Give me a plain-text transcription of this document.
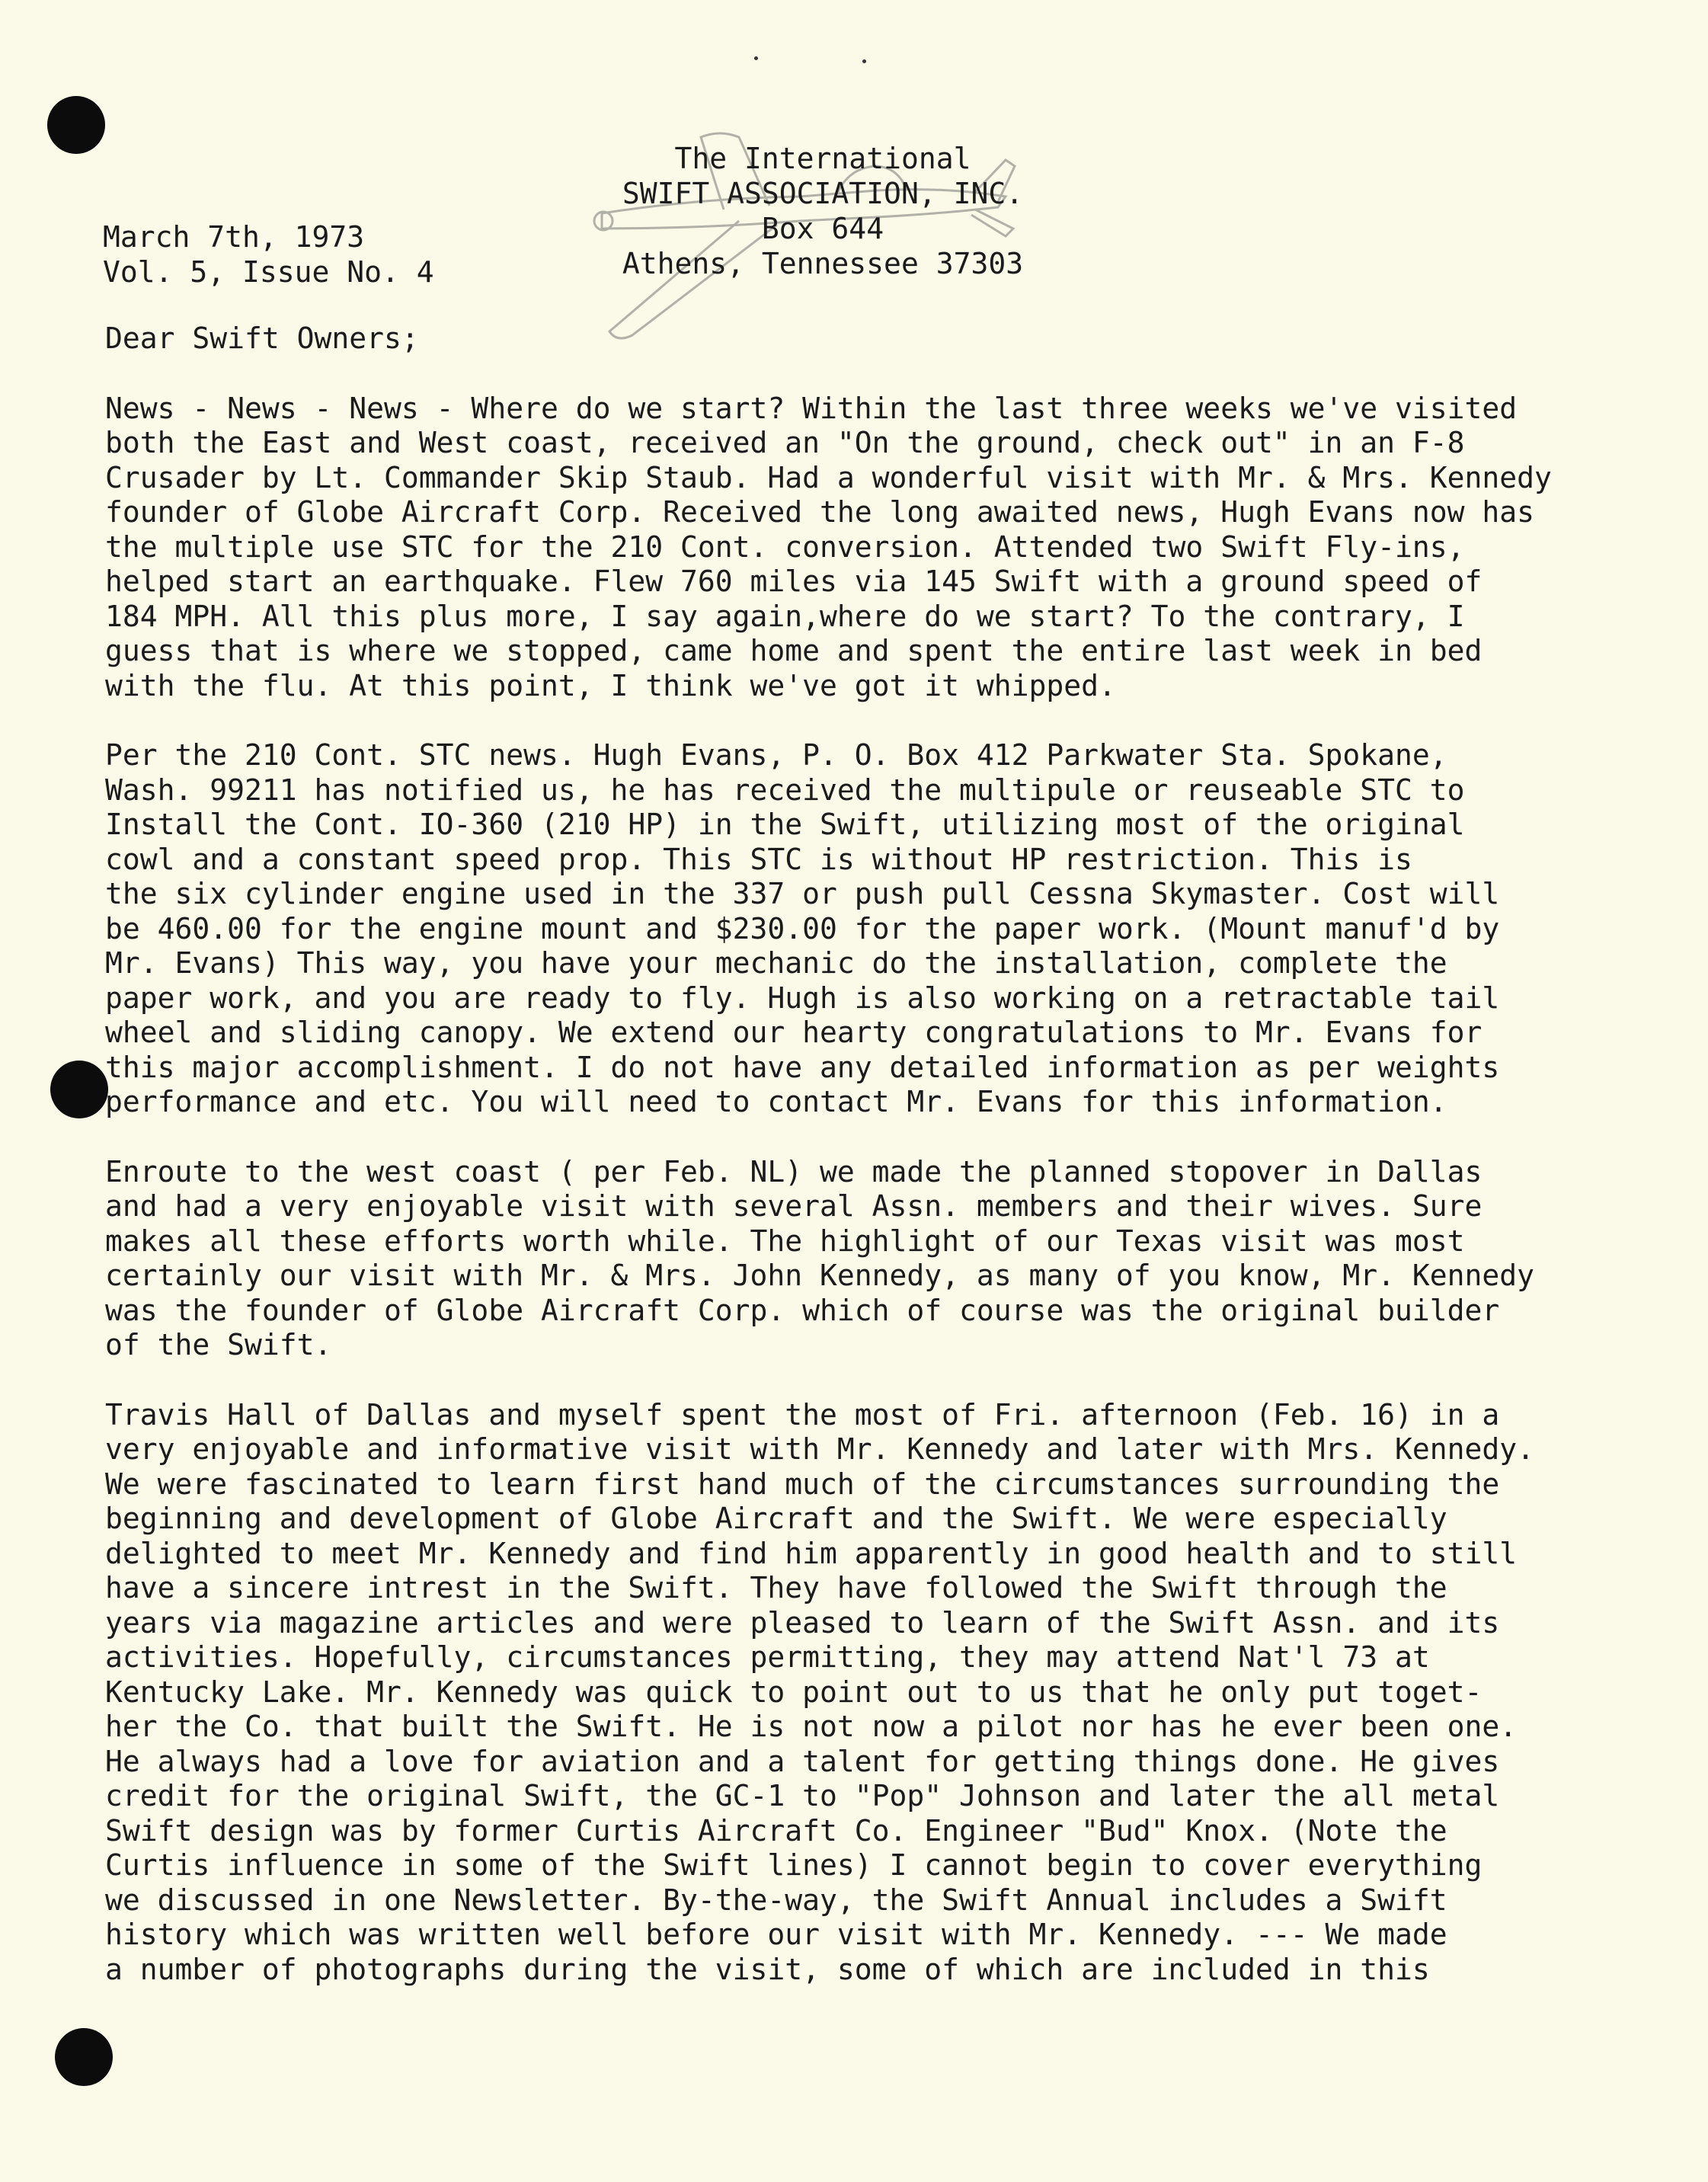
The International
SWIFT ASSOCIATION, INC.
Box 644
Athens, Tennessee 37303
March 7th, 1973
Vol. 5, Issue No. 4

Dear Swift Owners;

News - News - News - Where do we start? Within the last three weeks we've visited
both the East and West coast, received an "On the ground, check out" in an F-8
Crusader by Lt. Commander Skip Staub. Had a wonderful visit with Mr. & Mrs. Kennedy
founder of Globe Aircraft Corp. Received the long awaited news, Hugh Evans now has
the multiple use STC for the 210 Cont. conversion. Attended two Swift Fly-ins,
helped start an earthquake. Flew 760 miles via 145 Swift with a ground speed of
184 MPH. All this plus more, I say again,where do we start? To the contrary, I
guess that is where we stopped, came home and spent the entire last week in bed
with the flu. At this point, I think we've got it whipped.

Per the 210 Cont. STC news. Hugh Evans, P. O. Box 412 Parkwater Sta. Spokane,
Wash. 99211 has notified us, he has received the multipule or reuseable STC to
Install the Cont. IO-360 (210 HP) in the Swift, utilizing most of the original
cowl and a constant speed prop. This STC is without HP restriction. This is
the six cylinder engine used in the 337 or push pull Cessna Skymaster. Cost will
be 460.00 for the engine mount and $230.00 for the paper work. (Mount manuf'd by
Mr. Evans) This way, you have your mechanic do the installation, complete the
paper work, and you are ready to fly. Hugh is also working on a retractable tail
wheel and sliding canopy. We extend our hearty congratulations to Mr. Evans for
this major accomplishment. I do not have any detailed information as per weights
performance and etc. You will need to contact Mr. Evans for this information.

Enroute to the west coast ( per Feb. NL) we made the planned stopover in Dallas
and had a very enjoyable visit with several Assn. members and their wives. Sure
makes all these efforts worth while. The highlight of our Texas visit was most
certainly our visit with Mr. & Mrs. John Kennedy, as many of you know, Mr. Kennedy
was the founder of Globe Aircraft Corp. which of course was the original builder
of the Swift.

Travis Hall of Dallas and myself spent the most of Fri. afternoon (Feb. 16) in a
very enjoyable and informative visit with Mr. Kennedy and later with Mrs. Kennedy.
We were fascinated to learn first hand much of the circumstances surrounding the
beginning and development of Globe Aircraft and the Swift. We were especially
delighted to meet Mr. Kennedy and find him apparently in good health and to still
have a sincere intrest in the Swift. They have followed the Swift through the
years via magazine articles and were pleased to learn of the Swift Assn. and its
activities. Hopefully, circumstances permitting, they may attend Nat'l 73 at
Kentucky Lake. Mr. Kennedy was quick to point out to us that he only put toget-
her the Co. that built the Swift. He is not now a pilot nor has he ever been one.
He always had a love for aviation and a talent for getting things done. He gives
credit for the original Swift, the GC-1 to "Pop" Johnson and later the all metal
Swift design was by former Curtis Aircraft Co. Engineer "Bud" Knox. (Note the
Curtis influence in some of the Swift lines) I cannot begin to cover everything
we discussed in one Newsletter. By-the-way, the Swift Annual includes a Swift
history which was written well before our visit with Mr. Kennedy. --- We made
a number of photographs during the visit, some of which are included in this
